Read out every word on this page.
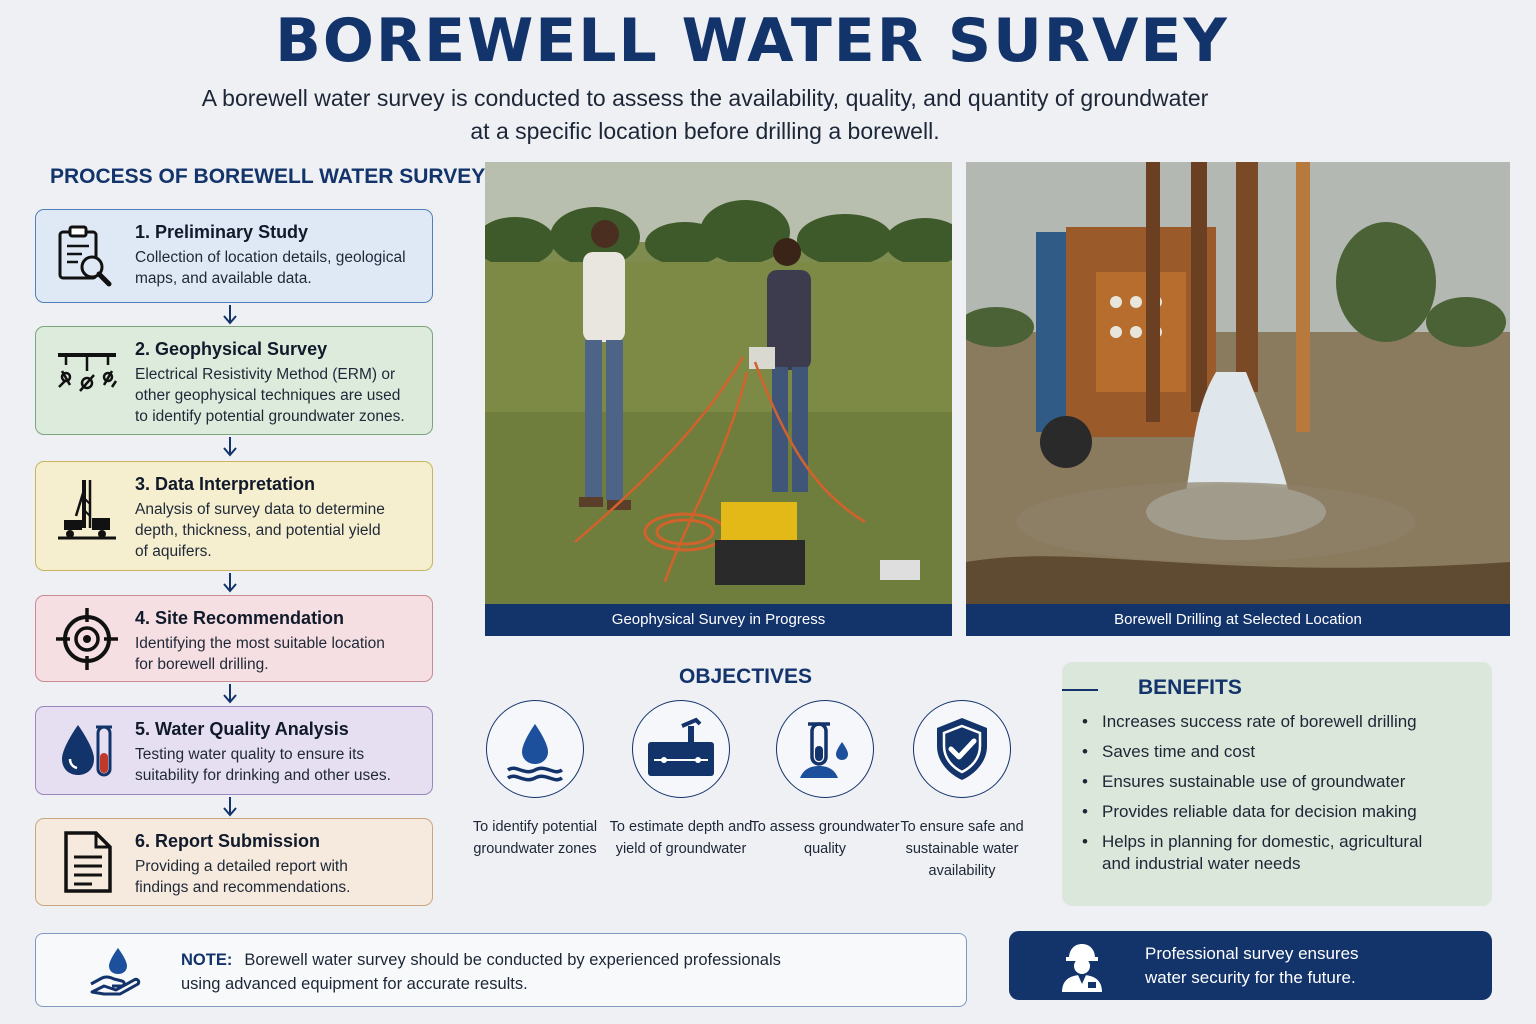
BOREWELL WATER SURVEY
A borewell water survey is conducted to assess the availability, quality, and quantity of groundwater
at a specific location before drilling a borewell.
PROCESS OF BOREWELL WATER SURVEY
1. Preliminary Study
Collection of location details, geological
maps, and available data.
2. Geophysical Survey
Electrical Resistivity Method (ERM) or
other geophysical techniques are used
to identify potential groundwater zones.
3. Data Interpretation
Analysis of survey data to determine
depth, thickness, and potential yield
of aquifers.
4. Site Recommendation
Identifying the most suitable location
for borewell drilling.
5. Water Quality Analysis
Testing water quality to ensure its
suitability for drinking and other uses.
6. Report Submission
Providing a detailed report with
findings and recommendations.
Geophysical Survey in Progress	Borewell Drilling at Selected Location
OBJECTIVES
To identify potential
groundwater zones
To estimate depth and
yield of groundwater
To assess groundwater
quality
To ensure safe and
sustainable water
availability
BENEFITS
• Increases success rate of borewell drilling
• Saves time and cost
• Ensures sustainable use of groundwater
• Provides reliable data for decision making
• Helps in planning for domestic, agricultural
and industrial water needs
NOTE: Borewell water survey should be conducted by experienced professionals
using advanced equipment for accurate results.
Professional survey ensures
water security for the future.
